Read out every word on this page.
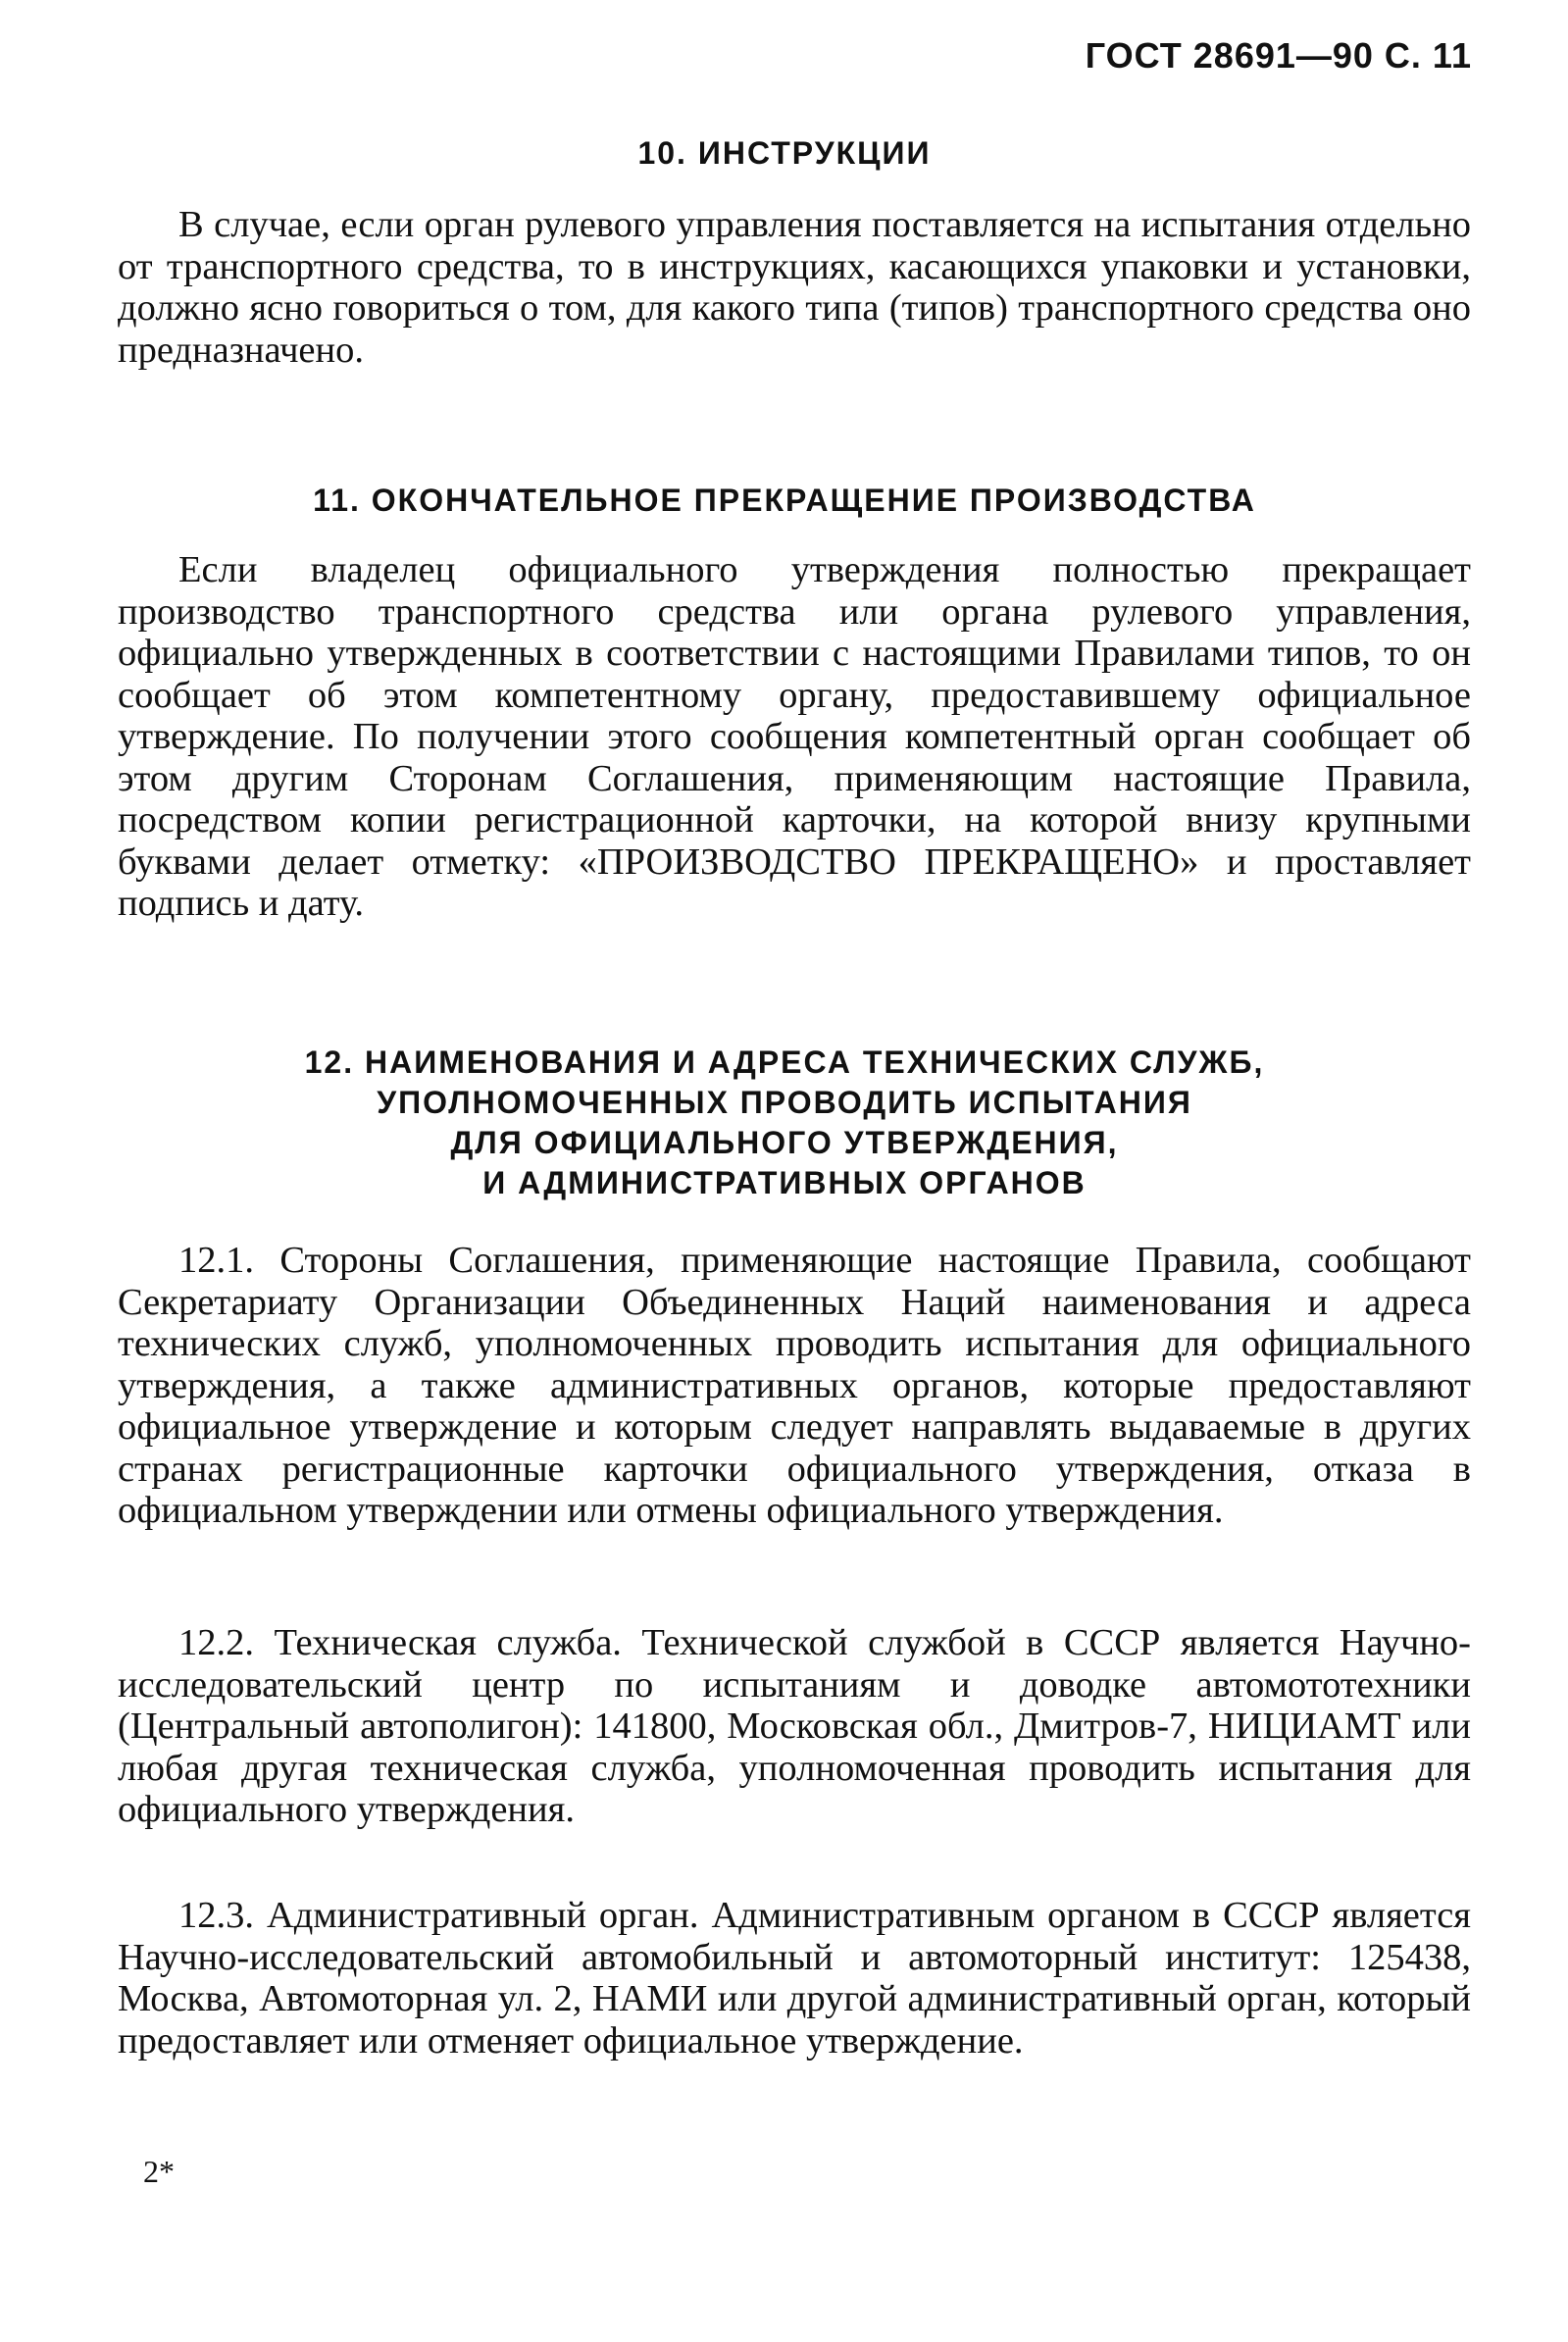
ГОСТ 28691—90 С. 11
10. ИНСТРУКЦИИ

В случае, если орган рулевого управления поставляется на испытания отдельно от транспортного средства, то в инструкциях, касающихся упаковки и установки, должно ясно говориться о том, для какого типа (типов) транспортного средства оно предназначено.

11. ОКОНЧАТЕЛЬНОЕ ПРЕКРАЩЕНИЕ ПРОИЗВОДСТВА

Если владелец официального утверждения полностью прекращает производство транспортного средства или органа рулевого управления, официально утвержденных в соответствии с настоящими Правилами типов, то он сообщает об этом компетентному органу, предоставившему официальное утверждение. По получении этого сообщения компетентный орган сообщает об этом другим Сторонам Соглашения, применяющим настоящие Правила, посредством копии регистрационной карточки, на которой внизу крупными буквами делает отметку: «ПРОИЗВОДСТВО ПРЕКРАЩЕНО» и проставляет подпись и дату.

12. НАИМЕНОВАНИЯ И АДРЕСА ТЕХНИЧЕСКИХ СЛУЖБ,
УПОЛНОМОЧЕННЫХ ПРОВОДИТЬ ИСПЫТАНИЯ
ДЛЯ ОФИЦИАЛЬНОГО УТВЕРЖДЕНИЯ,
И АДМИНИСТРАТИВНЫХ ОРГАНОВ

12.1. Стороны Соглашения, применяющие настоящие Правила, сообщают Секретариату Организации Объединенных Наций наименования и адреса технических служб, уполномоченных проводить испытания для официального утверждения, а также административных органов, которые предоставляют официальное утверждение и которым следует направлять выдаваемые в других странах регистрационные карточки официального утверждения, отказа в официальном утверждении или отмены официального утверждения.

12.2. Техническая служба. Технической службой в СССР является Научно-исследовательский центр по испытаниям и доводке автомототехники (Центральный автополигон): 141800, Московская обл., Дмитров-7, НИЦИАМТ или любая другая техническая служба, уполномоченная проводить испытания для официального утверждения.

12.3. Административный орган. Административным органом в СССР является Научно-исследовательский автомобильный и автомоторный институт: 125438, Москва, Автомоторная ул. 2, НАМИ или другой административный орган, который предоставляет или отменяет официальное утверждение.

2*
